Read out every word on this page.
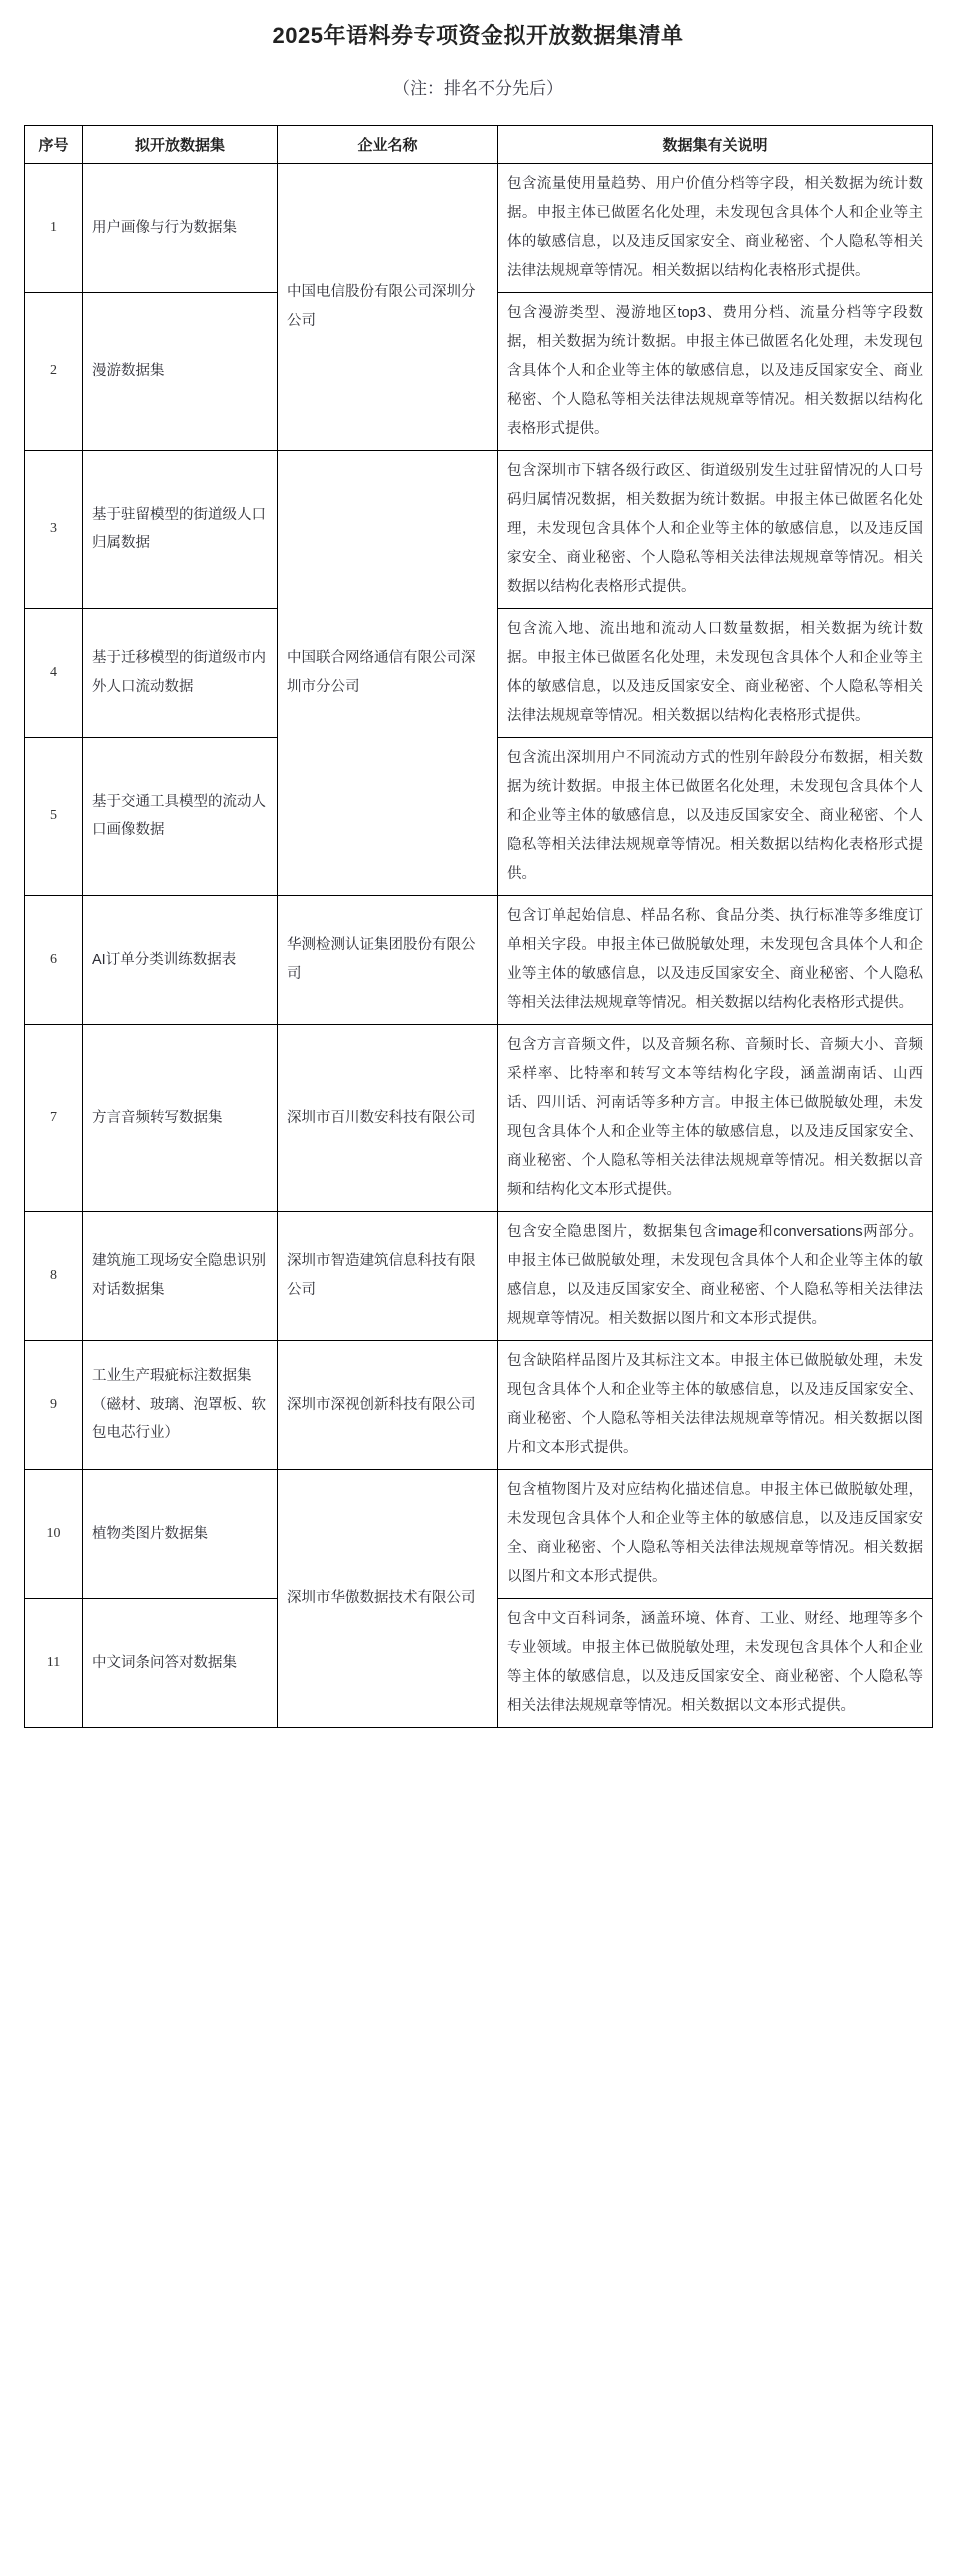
2025年语料券专项资金拟开放数据集清单
（注：排名不分先后）
序号	拟开放数据集	企业名称	数据集有关说明
1	用户画像与行为数据集	中国电信股份有限公司深圳分公司	包含流量使用量趋势、用户价值分档等字段，相关数据为统计数据。申报主体已做匿名化处理，未发现包含具体个人和企业等主体的敏感信息，以及违反国家安全、商业秘密、个人隐私等相关法律法规规章等情况。相关数据以结构化表格形式提供。
2	漫游数据集		包含漫游类型、漫游地区top3、费用分档、流量分档等字段数据，相关数据为统计数据。申报主体已做匿名化处理，未发现包含具体个人和企业等主体的敏感信息，以及违反国家安全、商业秘密、个人隐私等相关法律法规规章等情况。相关数据以结构化表格形式提供。
3	基于驻留模型的街道级人口归属数据	中国联合网络通信有限公司深圳市分公司	包含深圳市下辖各级行政区、街道级别发生过驻留情况的人口号码归属情况数据，相关数据为统计数据。申报主体已做匿名化处理，未发现包含具体个人和企业等主体的敏感信息，以及违反国家安全、商业秘密、个人隐私等相关法律法规规章等情况。相关数据以结构化表格形式提供。
4	基于迁移模型的街道级市内外人口流动数据		包含流入地、流出地和流动人口数量数据，相关数据为统计数据。申报主体已做匿名化处理，未发现包含具体个人和企业等主体的敏感信息，以及违反国家安全、商业秘密、个人隐私等相关法律法规规章等情况。相关数据以结构化表格形式提供。
5	基于交通工具模型的流动人口画像数据		包含流出深圳用户不同流动方式的性别年龄段分布数据，相关数据为统计数据。申报主体已做匿名化处理，未发现包含具体个人和企业等主体的敏感信息，以及违反国家安全、商业秘密、个人隐私等相关法律法规规章等情况。相关数据以结构化表格形式提供。
6	AI订单分类训练数据表	华测检测认证集团股份有限公司	包含订单起始信息、样品名称、食品分类、执行标准等多维度订单相关字段。申报主体已做脱敏处理，未发现包含具体个人和企业等主体的敏感信息，以及违反国家安全、商业秘密、个人隐私等相关法律法规规章等情况。相关数据以结构化表格形式提供。
7	方言音频转写数据集	深圳市百川数安科技有限公司	包含方言音频文件，以及音频名称、音频时长、音频大小、音频采样率、比特率和转写文本等结构化字段，涵盖湖南话、山西话、四川话、河南话等多种方言。申报主体已做脱敏处理，未发现包含具体个人和企业等主体的敏感信息，以及违反国家安全、商业秘密、个人隐私等相关法律法规规章等情况。相关数据以音频和结构化文本形式提供。
8	建筑施工现场安全隐患识别对话数据集	深圳市智造建筑信息科技有限公司	包含安全隐患图片，数据集包含image和conversations两部分。申报主体已做脱敏处理，未发现包含具体个人和企业等主体的敏感信息，以及违反国家安全、商业秘密、个人隐私等相关法律法规规章等情况。相关数据以图片和文本形式提供。
9	工业生产瑕疵标注数据集（磁材、玻璃、泡罩板、软包电芯行业）	深圳市深视创新科技有限公司	包含缺陷样品图片及其标注文本。申报主体已做脱敏处理，未发现包含具体个人和企业等主体的敏感信息，以及违反国家安全、商业秘密、个人隐私等相关法律法规规章等情况。相关数据以图片和文本形式提供。
10	植物类图片数据集	深圳市华傲数据技术有限公司	包含植物图片及对应结构化描述信息。申报主体已做脱敏处理，未发现包含具体个人和企业等主体的敏感信息，以及违反国家安全、商业秘密、个人隐私等相关法律法规规章等情况。相关数据以图片和文本形式提供。
11	中文词条问答对数据集		包含中文百科词条，涵盖环境、体育、工业、财经、地理等多个专业领域。申报主体已做脱敏处理，未发现包含具体个人和企业等主体的敏感信息，以及违反国家安全、商业秘密、个人隐私等相关法律法规规章等情况。相关数据以文本形式提供。
